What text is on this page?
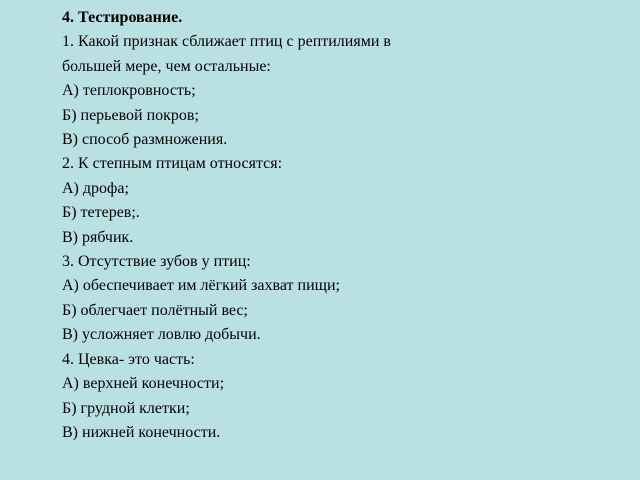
4. Тестирование.
1. Какой признак сближает птиц с рептилиями в
большей мере, чем остальные:
А) теплокровность;
Б) перьевой покров;
В) способ размножения.
2. К степным птицам относятся:
А) дрофа;
Б) тетерев;.
В) рябчик.
3. Отсутствие зубов у птиц:
А) обеспечивает им лёгкий захват пищи;
Б) облегчает полётный вес;
В) усложняет ловлю добычи.
4. Цевка- это часть:
А) верхней конечности;
Б) грудной клетки;
В) нижней конечности.
